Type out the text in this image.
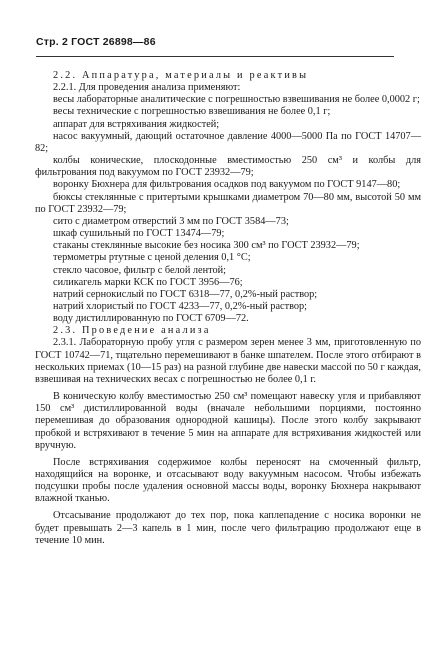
Стр. 2 ГОСТ 26898—86

2.2. Аппаратура, материалы и реактивы

2.2.1. Для проведения анализа применяют:

весы лабораторные аналитические с погрешностью взвешивания не более 0,0002 г;

весы технические с погрешностью взвешивания не более 0,1 г;

аппарат для встряхивания жидкостей;

насос вакуумный, дающий остаточное давление 4000—5000 Па по ГОСТ 14707—82;

колбы конические, плоскодонные вместимостью 250 см³ и колбы для фильтрования под вакуумом по ГОСТ 23932—79;

воронку Бюхнера для фильтрования осадков под вакуумом по ГОСТ 9147—80;

бюксы стеклянные с притертыми крышками диаметром 70—80 мм, высотой 50 мм по ГОСТ 23932—79;

сито с диаметром отверстий 3 мм по ГОСТ 3584—73;

шкаф сушильный по ГОСТ 13474—79;

стаканы стеклянные высокие без носика 300 см³ по ГОСТ 23932—79;

термометры ртутные с ценой деления 0,1 °С;

стекло часовое, фильтр с белой лентой;

силикагель марки КСК по ГОСТ 3956—76;

натрий сернокислый по ГОСТ 6318—77, 0,2%-ный раствор;

натрий хлористый по ГОСТ 4233—77, 0,2%-ный раствор;

воду дистиллированную по ГОСТ 6709—72.

2.3. Проведение анализа

2.3.1. Лабораторную пробу угля с размером зерен менее 3 мм, приготовленную по ГОСТ 10742—71, тщательно перемешивают в банке шпателем. После этого отбирают в нескольких приемах (10—15 раз) на разной глубине две навески массой по 50 г каждая, взвешивая на технических весах с погрешностью не более 0,1 г.

В коническую колбу вместимостью 250 см³ помещают навеску угля и прибавляют 150 см³ дистиллированной воды (вначале небольшими порциями, постоянно перемешивая до образования однородной кашицы). После этого колбу закрывают пробкой и встряхивают в течение 5 мин на аппарате для встряхивания жидкостей или вручную.

После встряхивания содержимое колбы переносят на смоченный фильтр, находящийся на воронке, и отсасывают воду вакуумным насосом. Чтобы избежать подсушки пробы после удаления основной массы воды, воронку Бюхнера накрывают влажной тканью.

Отсасывание продолжают до тех пор, пока каплепадение с носика воронки не будет превышать 2—3 капель в 1 мин, после чего фильтрацию продолжают еще в течение 10 мин.
